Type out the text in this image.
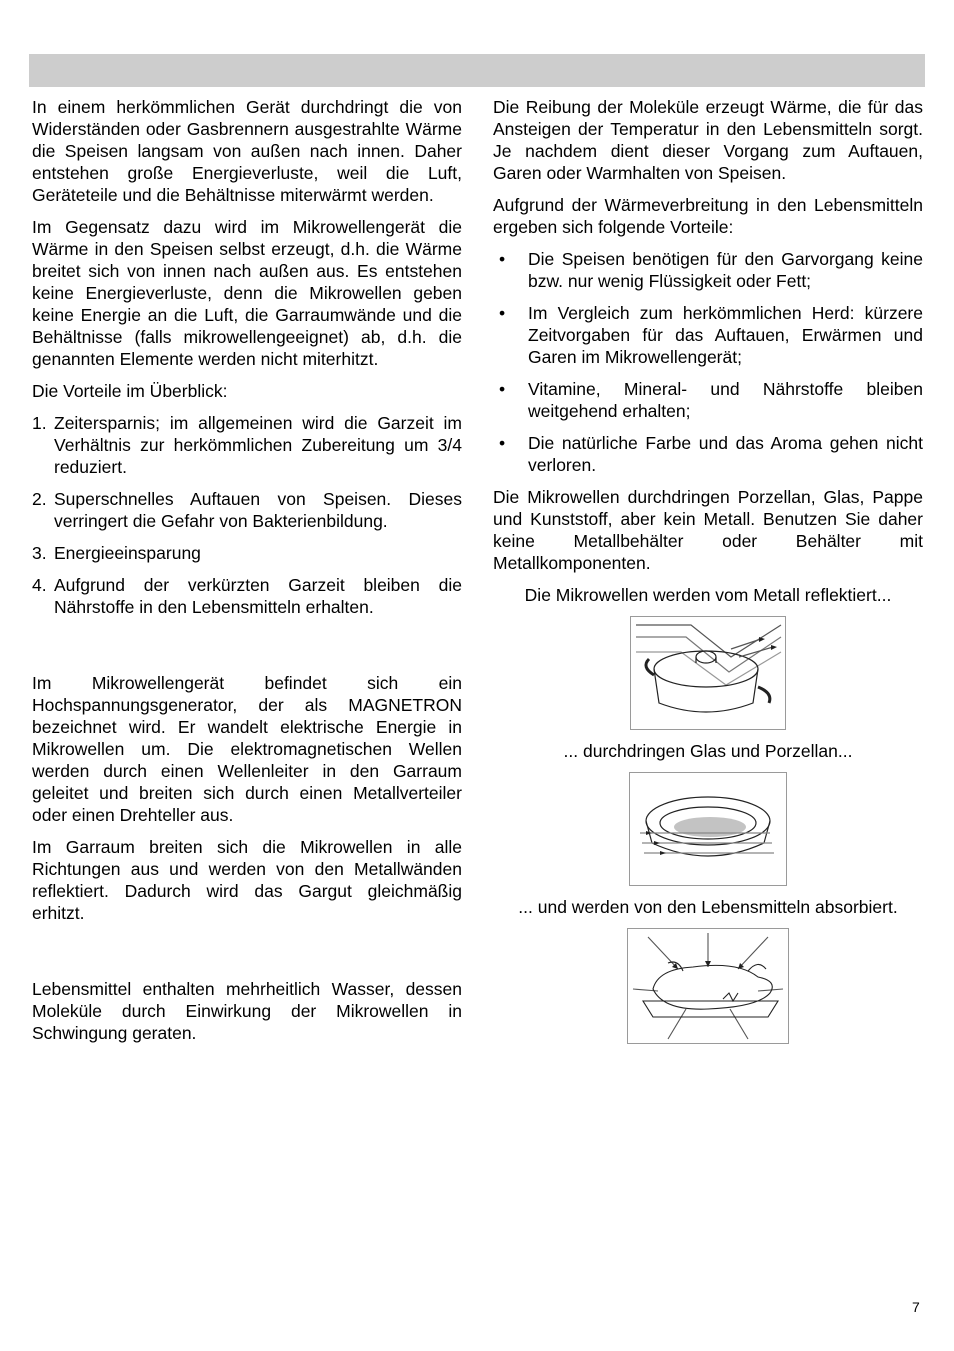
In einem herkömmlichen Gerät durchdringt die von Widerständen oder Gasbrennern ausgestrahlte Wärme die Speisen langsam von außen nach innen. Daher entstehen große Energieverluste, weil die Luft, Geräteteile und die Behältnisse miterwärmt werden.

Im Gegensatz dazu wird im Mikrowellengerät die Wärme in den Speisen selbst erzeugt, d.h. die Wärme breitet sich von innen nach außen aus. Es entstehen keine Energieverluste, denn die Mikrowellen geben keine Energie an die Luft, die Garraumwände und die Behältnisse (falls mikrowellengeeignet) ab, d.h. die genannten Elemente werden nicht miterhitzt.

Die Vorteile im Überblick:

1. Zeitersparnis; im allgemeinen wird die Garzeit im Verhältnis zur herkömmlichen Zubereitung um 3/4 reduziert.
2. Superschnelles Auftauen von Speisen. Dieses verringert die Gefahr von Bakterienbildung.
3. Energieeinsparung
4. Aufgrund der verkürzten Garzeit bleiben die Nährstoffe in den Lebensmitteln erhalten.

Im Mikrowellengerät befindet sich ein Hochspannungsgenerator, der als MAGNETRON bezeichnet wird. Er wandelt elektrische Energie in Mikrowellen um. Die elektromagnetischen Wellen werden durch einen Wellenleiter in den Garraum geleitet und breiten sich durch einen Metallverteiler oder einen Drehteller aus.

Im Garraum breiten sich die Mikrowellen in alle Richtungen aus und werden von den Metallwänden reflektiert. Dadurch wird das Gargut gleichmäßig erhitzt.

Lebensmittel enthalten mehrheitlich Wasser, dessen Moleküle durch Einwirkung der Mikrowellen in Schwingung geraten.

Die Reibung der Moleküle erzeugt Wärme, die für das Ansteigen der Temperatur in den Lebensmitteln sorgt. Je nachdem dient dieser Vorgang zum Auftauen, Garen oder Warmhalten von Speisen.

Aufgrund der Wärmeverbreitung in den Lebensmitteln ergeben sich folgende Vorteile:

• Die Speisen benötigen für den Garvorgang keine bzw. nur wenig Flüssigkeit oder Fett;
• Im Vergleich zum herkömmlichen Herd: kürzere Zeitvorgaben für das Auftauen, Erwärmen und Garen im Mikrowellengerät;
• Vitamine, Mineral- und Nährstoffe bleiben weitgehend erhalten;
• Die natürliche Farbe und das Aroma gehen nicht verloren.

Die Mikrowellen durchdringen Porzellan, Glas, Pappe und Kunststoff, aber kein Metall. Benutzen Sie daher keine Metallbehälter oder Behälter mit Metallkomponenten.

Die Mikrowellen werden vom Metall reflektiert...

... durchdringen Glas und Porzellan...

... und werden von den Lebensmitteln absorbiert.

7
